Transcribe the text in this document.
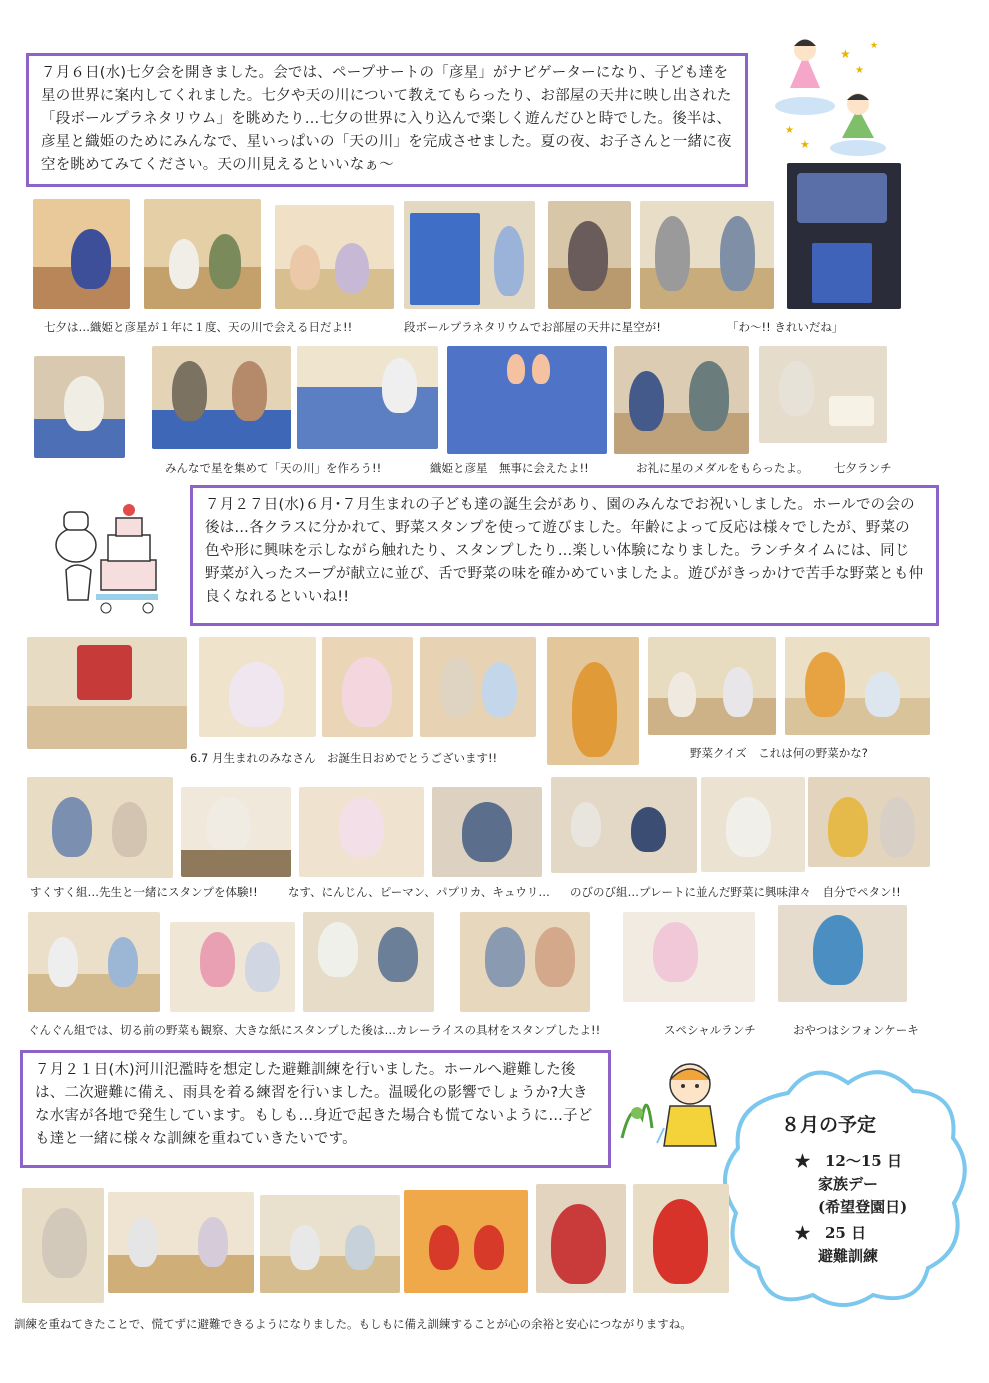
７月６日(水)七夕会を開きました。会では、ペープサートの「彦星」がナビゲーターになり、子ども達を星の世界に案内してくれました。七夕や天の川について教えてもらったり、お部屋の天井に映し出された「段ボールプラネタリウム」を眺めたり…七夕の世界に入り込んで楽しく遊んだひと時でした。後半は、彦星と織姫のためにみんなで、星いっぱいの「天の川」を完成させました。夏の夜、お子さんと一緒に夜空を眺めてみてください。天の川見えるといいなぁ～
★
★
★
★
★
七夕は…織姫と彦星が１年に１度、天の川で会える日だよ!!	段ボールプラネタリウムでお部屋の天井に星空が!	「わ～!! きれいだね」
みんなで星を集めて「天の川」を作ろう!!	織姫と彦星　無事に会えたよ!!	お礼に星のメダルをもらったよ。 七夕ランチ
７月２７日(水)６月･７月生まれの子ども達の誕生会があり、園のみんなでお祝いしました。ホールでの会の後は…各クラスに分かれて、野菜スタンプを使って遊びました。年齢によって反応は様々でしたが、野菜の色や形に興味を示しながら触れたり、スタンプしたり…楽しい体験になりました。ランチタイムには、同じ野菜が入ったスープが献立に並び、舌で野菜の味を確かめていましたよ。遊びがきっかけで苦手な野菜とも仲良くなれるといいね!!
6.7 月生まれのみなさん　お誕生日おめでとうございます!!	野菜クイズ　これは何の野菜かな?
すくすく組…先生と一緒にスタンプを体験!!	なす、にんじん、ピーマン、パプリカ、キュウリ… のびのび組…プレートに並んだ野菜に興味津々　自分でペタン!!
ぐんぐん組では、切る前の野菜も観察、大きな紙にスタンプした後は…カレーライスの具材をスタンプしたよ!!	スペシャルランチ	おやつはシフォンケーキ
７月２１日(木)河川氾濫時を想定した避難訓練を行いました。ホールへ避難した後は、二次避難に備え、雨具を着る練習を行いました。温暖化の影響でしょうか?大きな水害が各地で発生しています。もしも…身近で起きた場合も慌てないように…子ども達と一緒に様々な訓練を重ねていきたいです。
８月の予定
★　12～15 日
家族デー
(希望登園日)
★　25 日
避難訓練
訓練を重ねてきたことで、慌てずに避難できるようになりました。もしもに備え訓練することが心の余裕と安心につながりますね。
